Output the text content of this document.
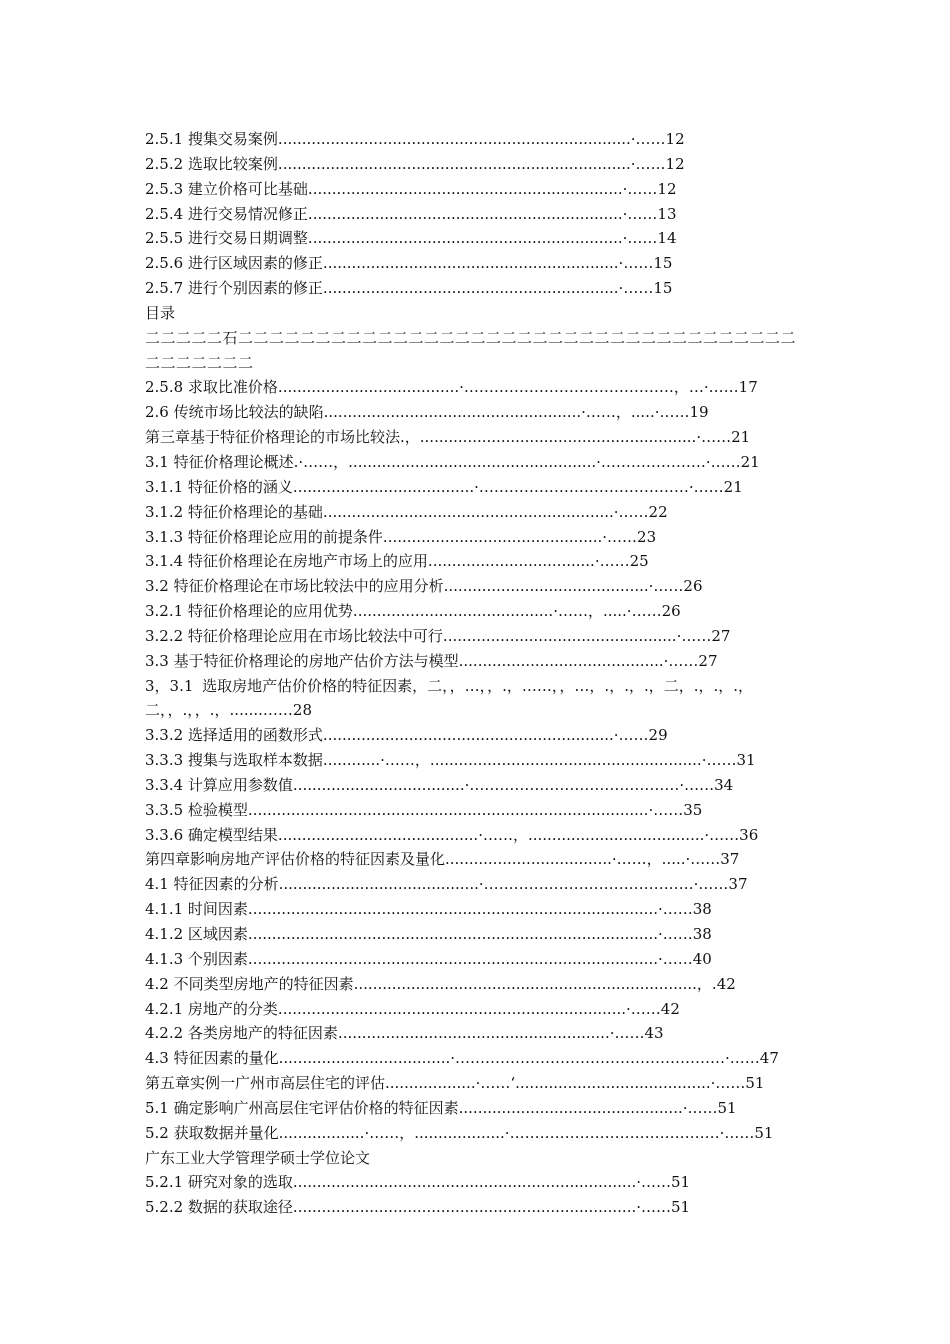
2.5.1 搜集交易案例..........................................................................·……12
2.5.2 选取比较案例..........................................................................·……12
2.5.3 建立价格可比基础..................................................................·……12
2.5.4 进行交易情况修正..................................................................·……13
2.5.5 进行交易日期调整..................................................................·……14
2.5.6 进行区域因素的修正..............................................................·……15
2.5.7 进行个别因素的修正..............................................................·……15
目录
二二二二二石二二二二二二二二二二二二二二二二二二二二二二二二二二二二二二二二二二二二二二二二二二二
2.5.8 求取比准价格......................................·……………………………………，…·……17
2.6 传统市场比较法的缺陷......................................................·……，.....·……19
第三章基于特征价格理论的市场比较法.，..........................................................·……21
3.1 特征价格理论概述.·……，....................................................·…………………·……21
3.1.1 特征价格的涵义......................................·……………………………………·……21
3.1.2 特征价格理论的基础.............................................................·……22
3.1.3 特征价格理论应用的前提条件..............................................·……23
3.1.4 特征价格理论在房地产市场上的应用...................................·……25
3.2 特征价格理论在市场比较法中的应用分析...........................................·……26
3.2.1 特征价格理论的应用优势..........................................·……，.....·……26
3.2.2 特征价格理论应用在市场比较法中可行.................................................·……27
3.3 基于特征价格理论的房地产估价方法与模型...........................................·……27
3，3.1 选取房地产估价价格的特征因素，二，，…，，.，……，，…，.，.，.，二，.，.，.，二，，.，，.，.......……28
3.3.2 选择适用的函数形式.............................................................·……29
3.3.3 搜集与选取样本数据............·……，.........................................................·……31
3.3.4 计算应用参数值....................................·……………………………………·……34
3.3.5 检验模型....................................................................................·……35
3.3.6 确定模型结果..........................................·……，.....................................·……36
第四章影响房地产评估价格的特征因素及量化...................................·……，.....·……37
4.1 特征因素的分析..........................................·……………………………………·……37
4.1.1 时间因素......................................................................................·……38
4.1.2 区域因素......................................................................................·……38
4.1.3 个别因素......................................................................................·……40
4.2 不同类型房地产的特征因素........................................................................，.42
4.2.1 房地产的分类.........................................................................·……42
4.2.2 各类房地产的特征因素.........................................................·……43
4.3 特征因素的量化....................................·………………………………………………·……47
第五章实例一广州市高层住宅的评估...................·……‘.........................................·……51
5.1 确定影响广州高层住宅评估价格的特征因素...............................................·……51
5.2 获取数据并量化..................·……，...................·……………………………………·……51
广东工业大学管理学硕士学位论文
5.2.1 研究对象的选取........................................................................·……51
5.2.2 数据的获取途径........................................................................·……51
